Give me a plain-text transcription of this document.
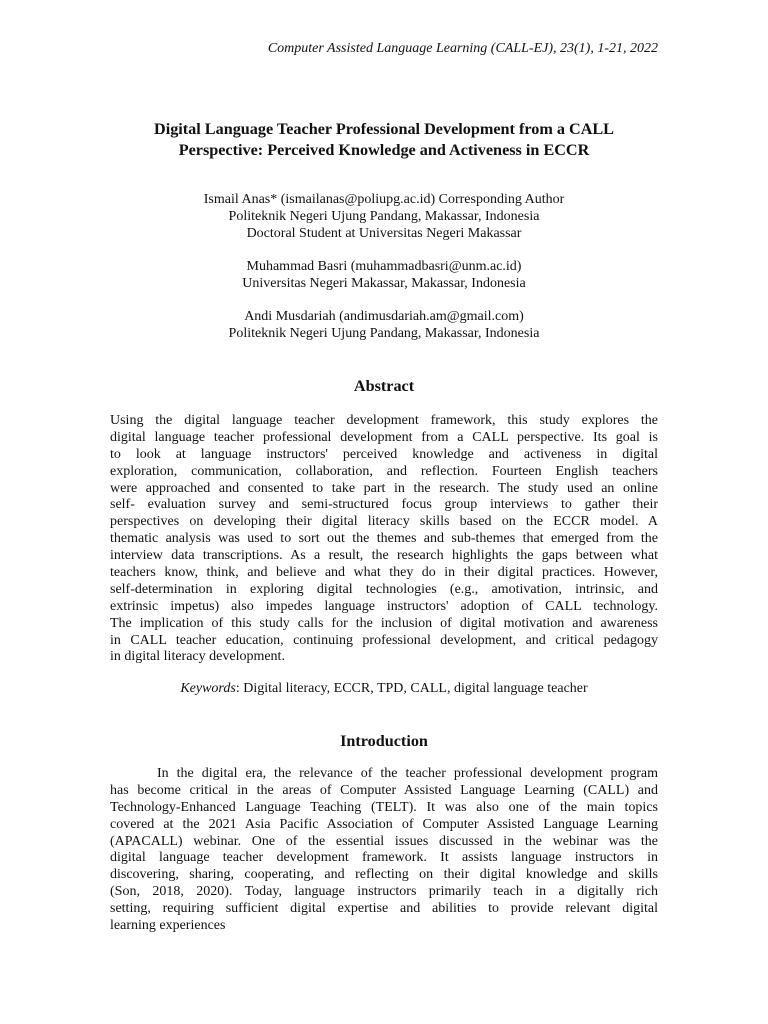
Computer Assisted Language Learning (CALL-EJ), 23(1), 1-21, 2022
Digital Language Teacher Professional Development from a CALL
Perspective: Perceived Knowledge and Activeness in ECCR
Ismail Anas* (ismailanas@poliupg.ac.id) Corresponding Author
Politeknik Negeri Ujung Pandang, Makassar, Indonesia
Doctoral Student at Universitas Negeri Makassar
Muhammad Basri (muhammadbasri@unm.ac.id)
Universitas Negeri Makassar, Makassar, Indonesia
Andi Musdariah (andimusdariah.am@gmail.com)
Politeknik Negeri Ujung Pandang, Makassar, Indonesia
Abstract
Using the digital language teacher development framework, this study explores the
digital language teacher professional development from a CALL perspective. Its goal is
to look at language instructors' perceived knowledge and activeness in digital
exploration, communication, collaboration, and reflection. Fourteen English teachers
were approached and consented to take part in the research. The study used an online
self- evaluation survey and semi-structured focus group interviews to gather their
perspectives on developing their digital literacy skills based on the ECCR model. A
thematic analysis was used to sort out the themes and sub-themes that emerged from the
interview data transcriptions. As a result, the research highlights the gaps between what
teachers know, think, and believe and what they do in their digital practices. However,
self-determination in exploring digital technologies (e.g., amotivation, intrinsic, and
extrinsic impetus) also impedes language instructors' adoption of CALL technology.
The implication of this study calls for the inclusion of digital motivation and awareness
in CALL teacher education, continuing professional development, and critical pedagogy
in digital literacy development.
Keywords: Digital literacy, ECCR, TPD, CALL, digital language teacher
Introduction
In the digital era, the relevance of the teacher professional development program
has become critical in the areas of Computer Assisted Language Learning (CALL) and
Technology-Enhanced Language Teaching (TELT). It was also one of the main topics
covered at the 2021 Asia Pacific Association of Computer Assisted Language Learning
(APACALL) webinar. One of the essential issues discussed in the webinar was the
digital language teacher development framework. It assists language instructors in
discovering, sharing, cooperating, and reflecting on their digital knowledge and skills
(Son, 2018, 2020). Today, language instructors primarily teach in a digitally rich
setting, requiring sufficient digital expertise and abilities to provide relevant digital
learning experiences
